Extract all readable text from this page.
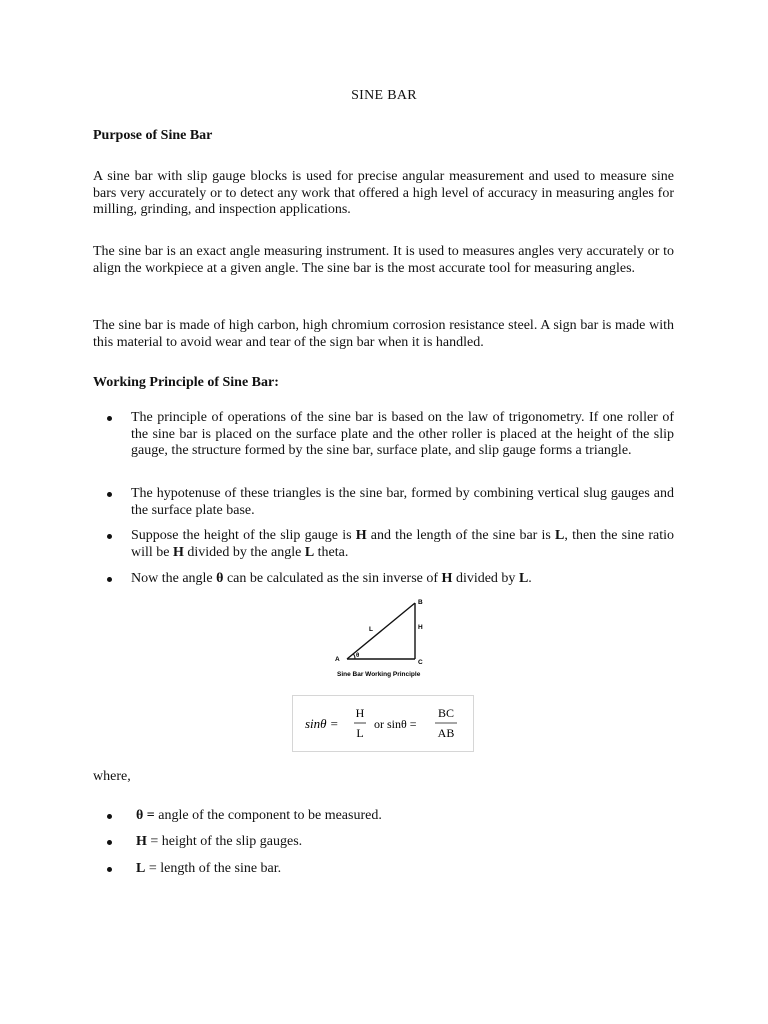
SINE BAR
Purpose of Sine Bar
A sine bar with slip gauge blocks is used for precise angular measurement and used to measure sine bars very accurately or to detect any work that offered a high level of accuracy in measuring angles for milling, grinding, and inspection applications.
The sine bar is an exact angle measuring instrument. It is used to measures angles very accurately or to align the workpiece at a given angle. The sine bar is the most accurate tool for measuring angles.
The sine bar is made of high carbon, high chromium corrosion resistance steel. A sign bar is made with this material to avoid wear and tear of the sign bar when it is handled.
Working Principle of Sine Bar:
The principle of operations of the sine bar is based on the law of trigonometry. If one roller of the sine bar is placed on the surface plate and the other roller is placed at the height of the slip gauge, the structure formed by the sine bar, surface plate, and slip gauge forms a triangle.
The hypotenuse of these triangles is the sine bar, formed by combining vertical slug gauges and the surface plate base.
Suppose the height of the slip gauge is H and the length of the sine bar is L, then the sine ratio will be H divided by the angle L theta.
Now the angle θ can be calculated as the sin inverse of H divided by L.
A
B
C
H
L
θ
Sine Bar Working Principle
sinθ =
H
L
or sinθ =
BC
AB
where,
θ = angle of the component to be measured.
H = height of the slip gauges.
L = length of the sine bar.
